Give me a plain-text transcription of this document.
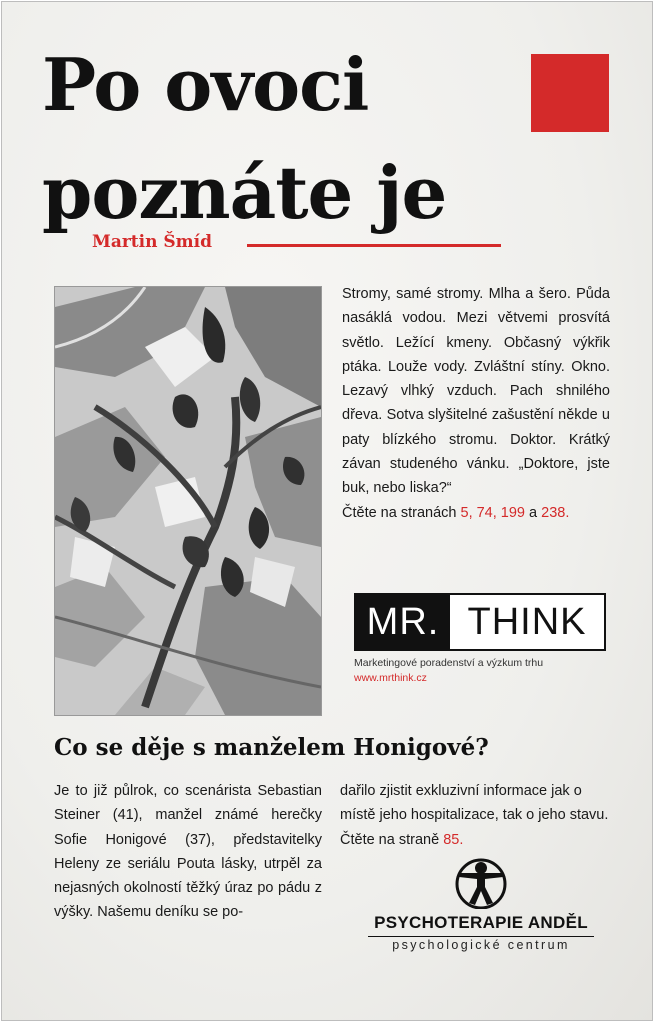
Po ovoci
poznáte je
Martin Šmíd

Stromy, samé stromy. Mlha a šero. Půda nasáklá vodou. Mezi větvemi prosvítá světlo. Ležící kmeny. Občasný výkřik ptáka. Louže vody. Zvláštní stíny. Okno. Lezavý vlhký vzduch. Pach shnilého dřeva. Sotva slyšitelné zašustění někde u paty blízkého stromu. Doktor. Krátký závan studeného vánku. „Doktore, jste buk, nebo liska?“

Čtěte na stranách 5, 74, 199 a 238.

MR. THINK
Marketingové poradenství a výzkum trhu
www.mrthink.cz
Co se děje s manželem Honigové?

Je to již půlrok, co scenárista Sebastian Steiner (41), manžel známé herečky Sofie Honigové (37), představitelky Heleny ze seriálu Pouta lásky, utrpěl za nejasných okolností těžký úraz po pádu z výšky. Našemu deníku se po-

dařilo zjistit exkluzivní informace jak o místě jeho hospitalizace, tak o jeho stavu. Čtěte na straně 85.

PSYCHOTERAPIE ANDĚL
psychologické centrum
